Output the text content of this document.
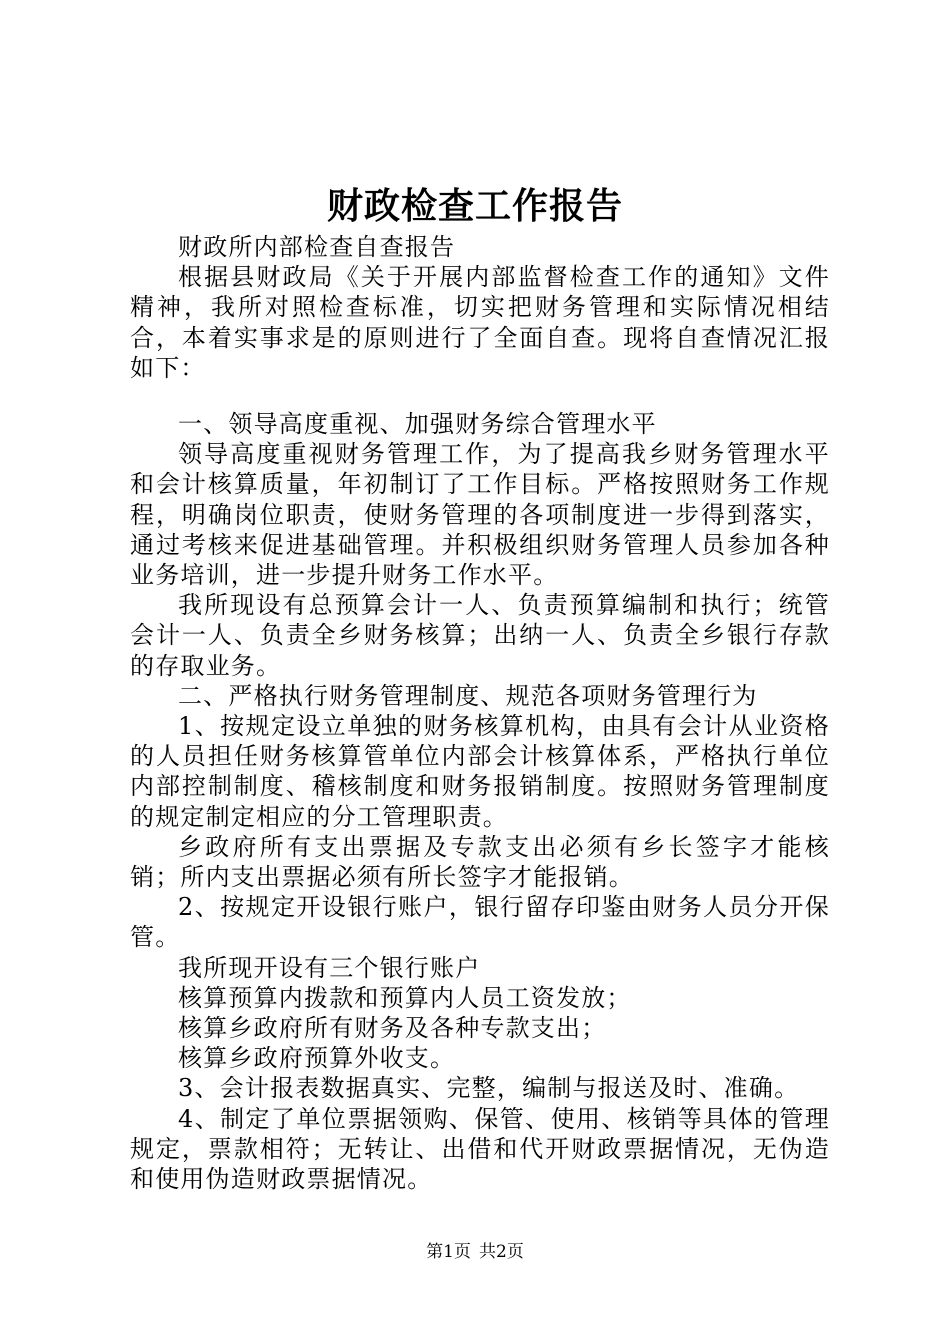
财政检查工作报告

财政所内部检查自查报告

根据县财政局《关于开展内部监督检查工作的通知》文件精神，我所对照检查标准，切实把财务管理和实际情况相结合，本着实事求是的原则进行了全面自查。现将自查情况汇报如下：

一、领导高度重视、加强财务综合管理水平

领导高度重视财务管理工作，为了提高我乡财务管理水平和会计核算质量，年初制订了工作目标。严格按照财务工作规程，明确岗位职责，使财务管理的各项制度进一步得到落实，通过考核来促进基础管理。并积极组织财务管理人员参加各种业务培训，进一步提升财务工作水平。

我所现设有总预算会计一人、负责预算编制和执行；统管会计一人、负责全乡财务核算；出纳一人、负责全乡银行存款的存取业务。

二、严格执行财务管理制度、规范各项财务管理行为

1、按规定设立单独的财务核算机构，由具有会计从业资格的人员担任财务核算管单位内部会计核算体系，严格执行单位内部控制制度、稽核制度和财务报销制度。按照财务管理制度的规定制定相应的分工管理职责。

乡政府所有支出票据及专款支出必须有乡长签字才能核销；所内支出票据必须有所长签字才能报销。

2、按规定开设银行账户，银行留存印鉴由财务人员分开保管。

我所现开设有三个银行账户

核算预算内拨款和预算内人员工资发放；

核算乡政府所有财务及各种专款支出；

核算乡政府预算外收支。

3、会计报表数据真实、完整，编制与报送及时、准确。

4、制定了单位票据领购、保管、使用、核销等具体的管理规定，票款相符；无转让、出借和代开财政票据情况，无伪造和使用伪造财政票据情况。

第1页 共2页
